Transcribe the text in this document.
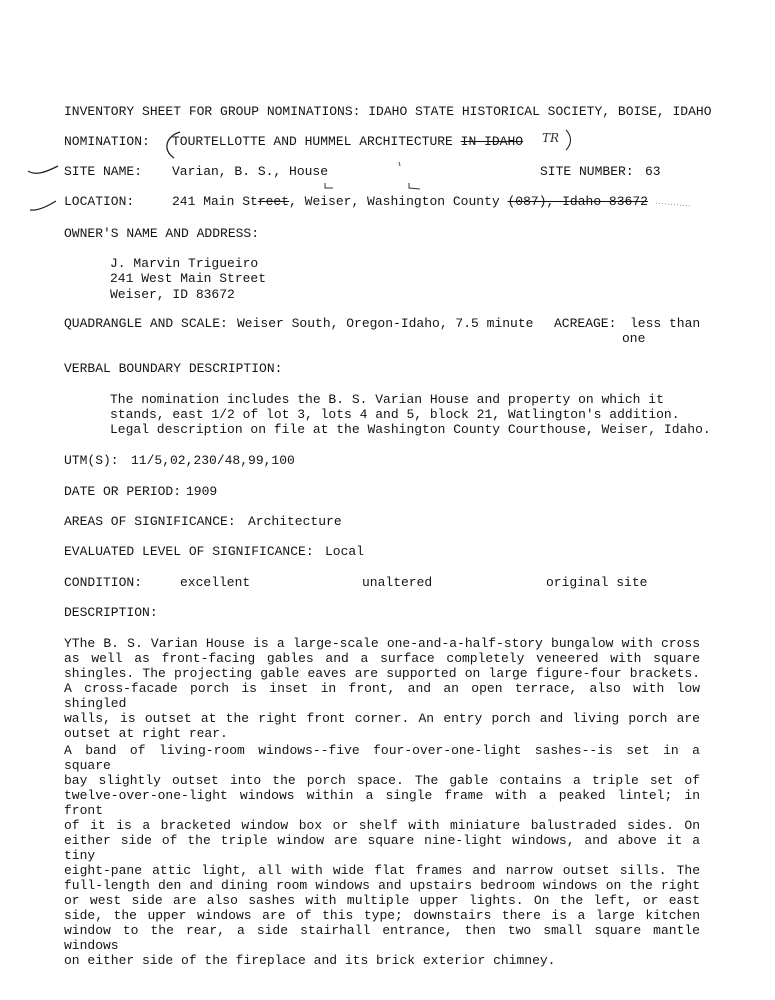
INVENTORY SHEET FOR GROUP NOMINATIONS: IDAHO STATE HISTORICAL SOCIETY, BOISE, IDAHO
NOMINATION: TOURTELLOTTE AND HUMMEL ARCHITECTURE IN IDAHO TR
SITE NAME: Varian, B. S., House	SITE NUMBER: 63
LOCATION:	241 Main Street, Weiser, Washington County (087), Idaho 83672
OWNER'S NAME AND ADDRESS:
J. Marvin Trigueiro
241 West Main Street
Weiser, ID 83672
QUADRANGLE AND SCALE: Weiser South, Oregon-Idaho, 7.5 minute ACREAGE: less than
one
VERBAL BOUNDARY DESCRIPTION:
The nomination includes the B. S. Varian House and property on which it
stands, east 1/2 of lot 3, lots 4 and 5, block 21, Watlington's addition.
Legal description on file at the Washington County Courthouse, Weiser, Idaho.
UTM(S): 11/5,02,230/48,99,100
DATE OR PERIOD: 1909
AREAS OF SIGNIFICANCE: Architecture
EVALUATED LEVEL OF SIGNIFICANCE: Local
CONDITION:	excellent	unaltered	original site
DESCRIPTION:
YThe B. S. Varian House is a large-scale one-and-a-half-story bungalow with cross
as well as front-facing gables and a surface completely veneered with square
shingles. The projecting gable eaves are supported on large figure-four brackets.
A cross-facade porch is inset in front, and an open terrace, also with low shingled
walls, is outset at the right front corner. An entry porch and living porch are
outset at right rear.
A band of living-room windows--five four-over-one-light sashes--is set in a square
bay slightly outset into the porch space. The gable contains a triple set of
twelve-over-one-light windows within a single frame with a peaked lintel; in front
of it is a bracketed window box or shelf with miniature balustraded sides. On
either side of the triple window are square nine-light windows, and above it a tiny
eight-pane attic light, all with wide flat frames and narrow outset sills. The
full-length den and dining room windows and upstairs bedroom windows on the right
or west side are also sashes with multiple upper lights. On the left, or east
side, the upper windows are of this type; downstairs there is a large kitchen
window to the rear, a side stairhall entrance, then two small square mantle windows
on either side of the fireplace and its brick exterior chimney.
